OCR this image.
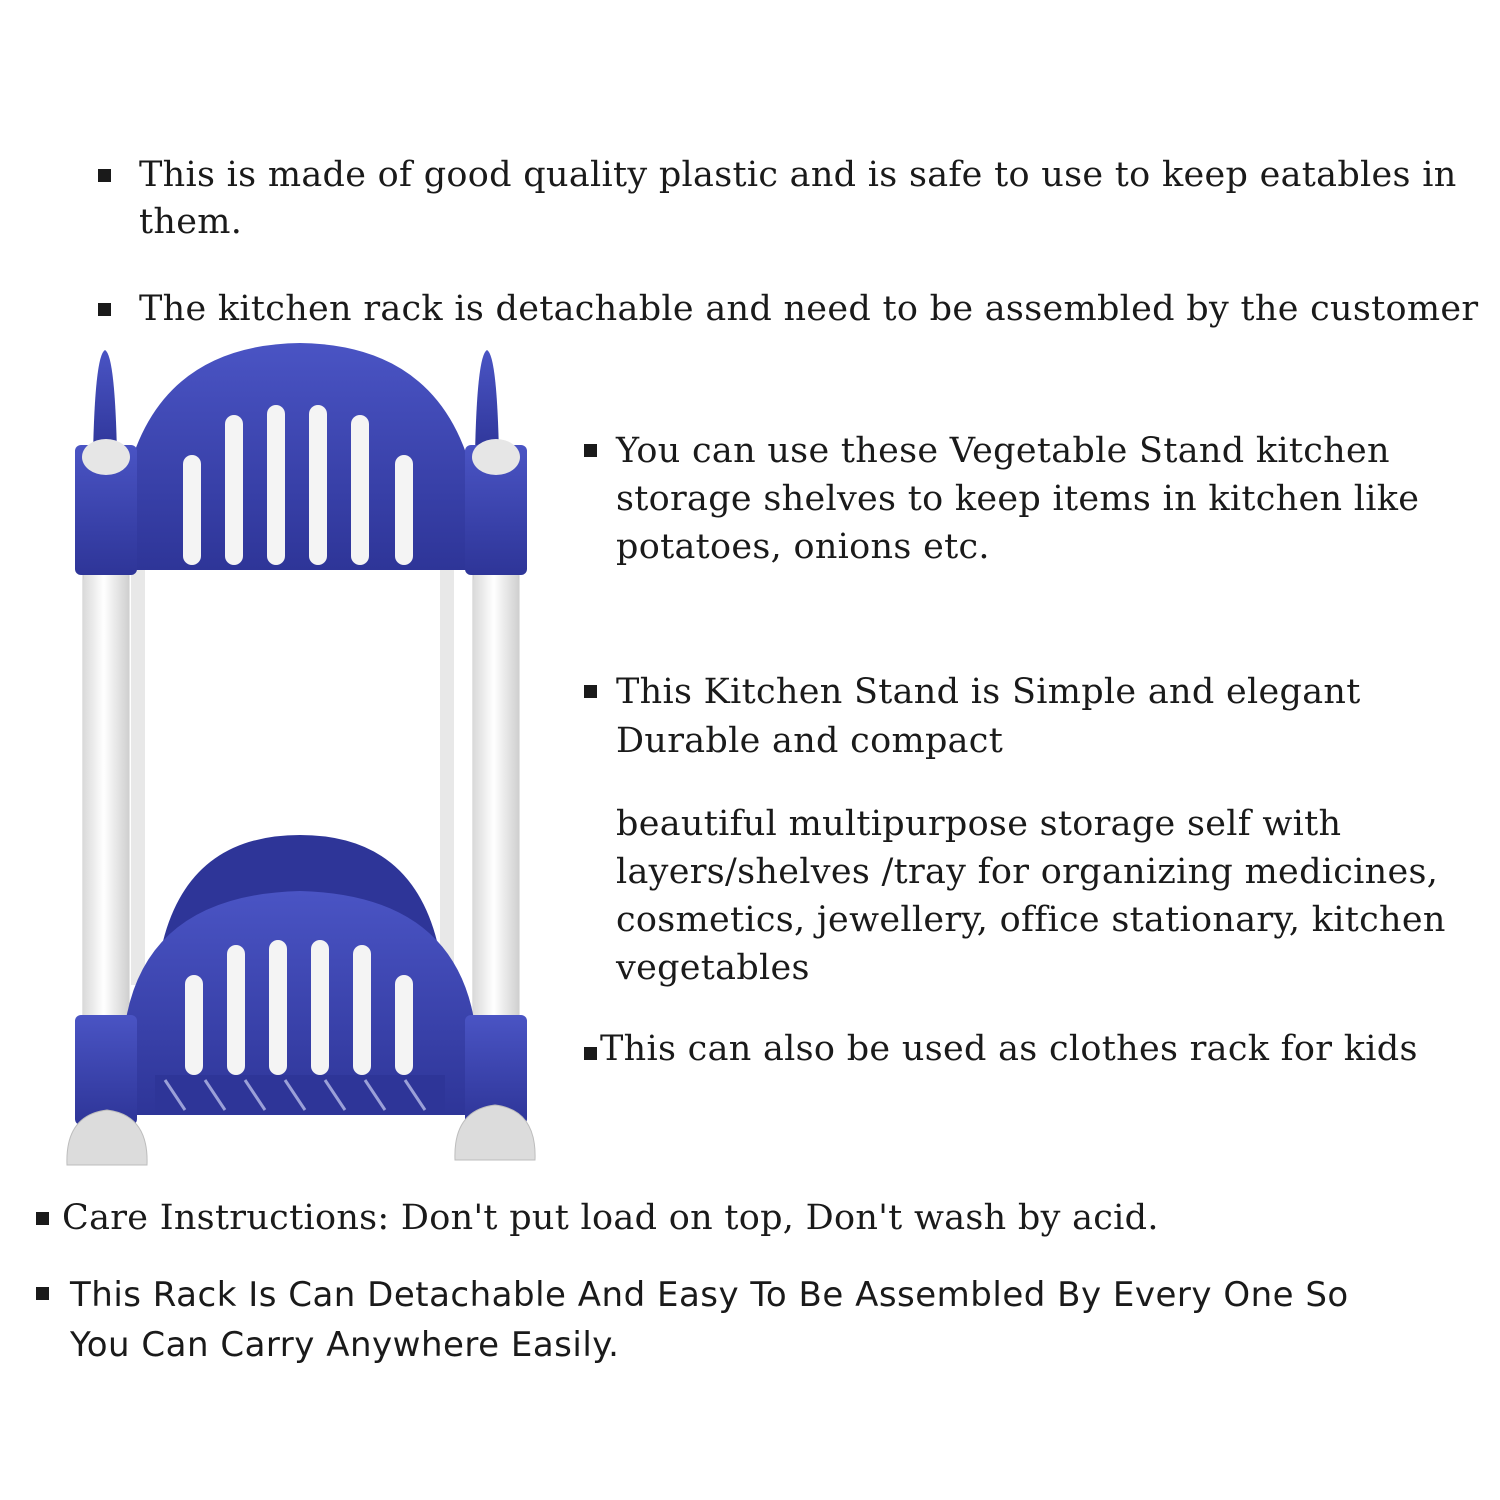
This is made of good quality plastic and is safe to use to keep eatables in
them.
The kitchen rack is detachable and need to be assembled by the customer
You can use these Vegetable Stand kitchen
storage shelves to keep items in kitchen like
potatoes, onions etc.
This Kitchen Stand is Simple and elegant
Durable and compact
beautiful multipurpose storage self with
layers/shelves /tray for organizing medicines,
cosmetics, jewellery, office stationary, kitchen
vegetables
This can also be used as clothes rack for kids
Care Instructions: Don't put load on top, Don't wash by acid.
This Rack Is Can Detachable And Easy To Be Assembled By Every One So
You Can Carry Anywhere Easily.
